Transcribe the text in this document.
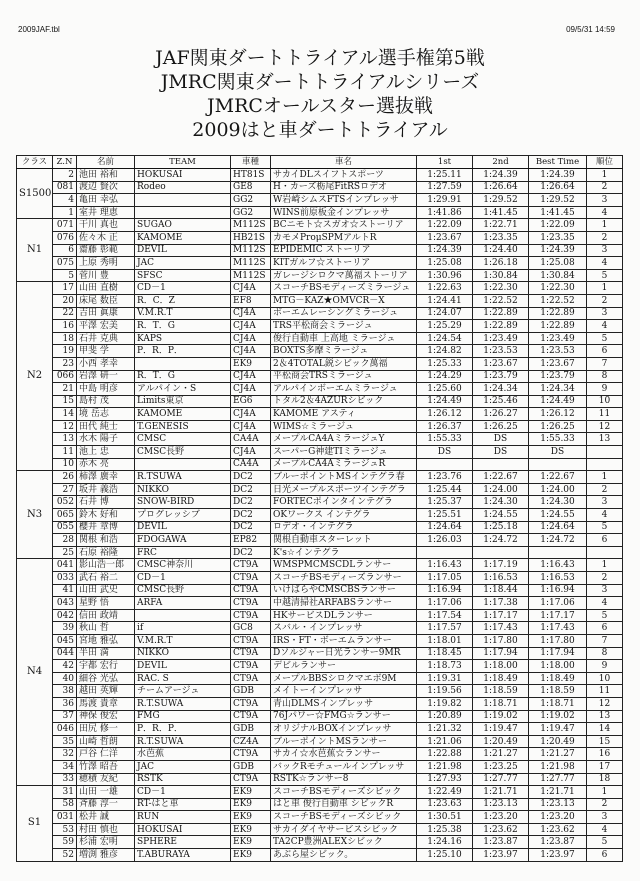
2009JAF.tbl	09/5/31 14:59
JAF関東ダートトライアル選手権第5戦
JMRC関東ダートトライアルシリーズ
JMRCオールスター選抜戦
2009はと車ダートトライアル
クラス	Z.N	名前	TEAM	車種	車名	1st	2nd	Best Time	順位
S1500	2	池田 裕和	HOKUSAI	HT81S	サカイDLスイフトスポーツ	1:25.11	1:24.39	1:24.39	1
	081	渡辺 賢次	Rodeo	GE8	H・カーズ栃尾FitRSロデオ	1:27.59	1:26.64	1:26.64	2
	4	亀田 幸弘		GG2	W岩崎シムスFTSインプレッサ	1:29.91	1:29.52	1:29.52	3
	1	室井 理恵		GG2	WINS前原板金インプレッサ	1:41.86	1:41.45	1:41.45	4
N1	071	干川 真也	SUGAO	M112S	BCニモト☆スガオ☆ストーリア	1:22.09	1:22.71	1:22.09	1
	076	佐々木 正	KAMOME	HB21S	カモメProμSPMアルトR	1:23.67	1:23.35	1:23.35	2
	6	齋藤 彰範	DEVIL	M112S	EPIDEMIC ストーリア	1:24.39	1:24.40	1:24.39	3
	075	上原 秀明	JAC	M112S	KITガルフ☆ストーリア	1:25.08	1:26.18	1:25.08	4
	5	菅川 豊	SFSC	M112S	ガレージシロクマ萬福ストーリア	1:30.96	1:30.84	1:30.84	5
N2	17	山田 直樹	CD－1	CJ4A	スコーチBSモディーズミラージュ	1:22.63	1:22.30	1:22.30	1
	20	床尾 数臣	R．C．Z	EF8	MTG－KAZ★OMVCR－X	1:24.41	1:22.52	1:22.52	2
	22	吉田 眞康	V.M.R.T	CJ4A	ボーエムレーシングミラージュ	1:24.07	1:22.89	1:22.89	3
	16	平澤 宏美	R．T．G	CJ4A	TRS平松商会ミラージュ	1:25.29	1:22.89	1:22.89	4
	18	石井 克典	KAPS	CJ4A	俊行自動車 上高地 ミラージュ	1:24.54	1:23.49	1:23.49	5
	19	甲斐 学	P．R．P．	CJ4A	BOXTS多摩ミラージュ	1:24.82	1:23.53	1:23.53	6
	23	小西 孝幸		EK9	2＆4TOTAL鋭シビック萬福	1:25.33	1:23.67	1:23.67	7
	066	岩澤 研一	R．T．G	CJ4A	平松商会TRSミラージュ	1:24.29	1:23.79	1:23.79	8
	21	中島 明彦	アルパイン・S	CJ4A	アルパインボーエムミラージュ	1:25.60	1:24.34	1:24.34	9
	15	島村 茂	Limits東京	EG6	トタル2＆4AZURシビック	1:24.49	1:25.46	1:24.49	10
	14	境 岳志	KAMOME	CJ4A	KAMOME アスティ	1:26.12	1:26.27	1:26.12	11
	12	田代 純士	T.GENESIS	CJ4A	WIMS☆ミラージュ	1:26.37	1:26.25	1:26.25	12
	13	水木 陽子	CMSC	CA4A	メープルCA4AミラージュY	1:55.33	DS	1:55.33	13
	11	池上 忠	CMSC長野	CJ4A	スーパーG神建TIミラージュ	DS	DS	DS	
	10	赤木 亮		CA4A	メープルCA4AミラージュR				
N3	26	柿澤 廣幸	R.TSUWA	DC2	ブルーポイントMSインテグラ春	1:23.76	1:22.67	1:22.67	1
	27	坂井 義浩	NIKKO	DC2	日光メープルスポーツインテグラ	1:25.44	1:24.00	1:24.00	2
	052	石井 博	SNOW-BIRD	DC2	FORTECポインタインテグラ	1:25.37	1:24.30	1:24.30	3
	065	鈴木 好和	プログレッシブ	DC2	OKワークス インテグラ	1:25.51	1:24.55	1:24.55	4
	055	櫻井 章博	DEVIL	DC2	ロデオ・インテグラ	1:24.64	1:25.18	1:24.64	5
	28	関根 和浩	FDOGAWA	EP82	関根自動車スターレット	1:26.03	1:24.72	1:24.72	6
	25	石原 裕隆	FRC	DC2	K's☆インテグラ				
N4	041	影山浩一郎	CMSC神奈川	CT9A	WMSPMCMSCDLランサー	1:16.43	1:17.19	1:16.43	1
	033	武石 裕二	CD－1	CT9A	スコーチBSモディーズランサー	1:17.05	1:16.53	1:16.53	2
	41	山田 武史	CMSC長野	CT9A	いけばらやCMSCBSランサー	1:16.94	1:18.44	1:16.94	3
	043	星野 悟	ARFA	CT9A	中越清掃社ARFABSランサー	1:17.06	1:17.38	1:17.06	4
	042	信田 政靖		CT9A	HKサービスDLランサー	1:17.54	1:17.17	1:17.17	5
	39	秋山 哲	if	GC8	スバル・インプレッサ	1:17.57	1:17.43	1:17.43	6
	045	宮地 雅弘	V.M.R.T	CT9A	IRS・FT・ボーエムランサー	1:18.01	1:17.80	1:17.80	7
	044	半田 満	NIKKO	CT9A	Dソルジャー日光ランサー9MR	1:18.45	1:17.94	1:17.94	8
	42	宇都 宏行	DEVIL	CT9A	デビルランサー	1:18.73	1:18.00	1:18.00	9
	40	細谷 光弘	RAC. S	CT9A	メープルBBSシロクマエボ9M	1:19.31	1:18.49	1:18.49	10
	38	越田 英輝	チームアージュ	GDB	メイトーインプレッサ	1:19.56	1:18.59	1:18.59	11
	36	馬渡 貴章	R.T.SUWA	CT9A	青山DLMSインプレッサ	1:19.82	1:18.71	1:18.71	12
	37	神保 俊宏	FMG	CT9A	76Jパワー☆FMG☆ランサー	1:20.89	1:19.02	1:19.02	13
	046	田尻 修一	P．R．P．	GDB	オリジナルBOXインプレッサ	1:21.32	1:19.47	1:19.47	14
	35	山崎 哲朗	R.T.SUWA	CZ4A	ブルーポイントMSランサー	1:21.06	1:20.49	1:20.49	15
	32	戸谷 仁洋	水芭蕉	CT9A	サカイ☆水芭蕉☆ランサー	1:22.88	1:21.27	1:21.27	16
	34	竹澤 昭吾	JAC	GDB	バックRモチュールインプレッサ	1:21.98	1:23.25	1:21.98	17
	33	穂積 友紀	RSTK	CT9A	RSTK☆ランサー8	1:27.93	1:27.77	1:27.77	18
S1	31	山田 一雄	CD－1	EK9	スコーチBSモディーズシビック	1:22.49	1:21.71	1:21.71	1
	58	斉藤 淳一	RT-はと車	EK9	はと車 俊行自動車 シビックR	1:23.63	1:23.13	1:23.13	2
	031	松井 誠	RUN	EK9	スコーチBSモディーズシビック	1:30.51	1:23.20	1:23.20	3
	53	村田 慎也	HOKUSAI	EK9	サカイダイヤサービスシビック	1:25.38	1:23.62	1:23.62	4
	59	杉浦 宏明	SPHERE	EK9	TA2CP豊洲ALEXシビック	1:24.16	1:23.87	1:23.87	5
	52	増渕 雅彦	T.ABURAYA	EK9	あぶら屋シビック。	1:25.10	1:23.97	1:23.97	6
